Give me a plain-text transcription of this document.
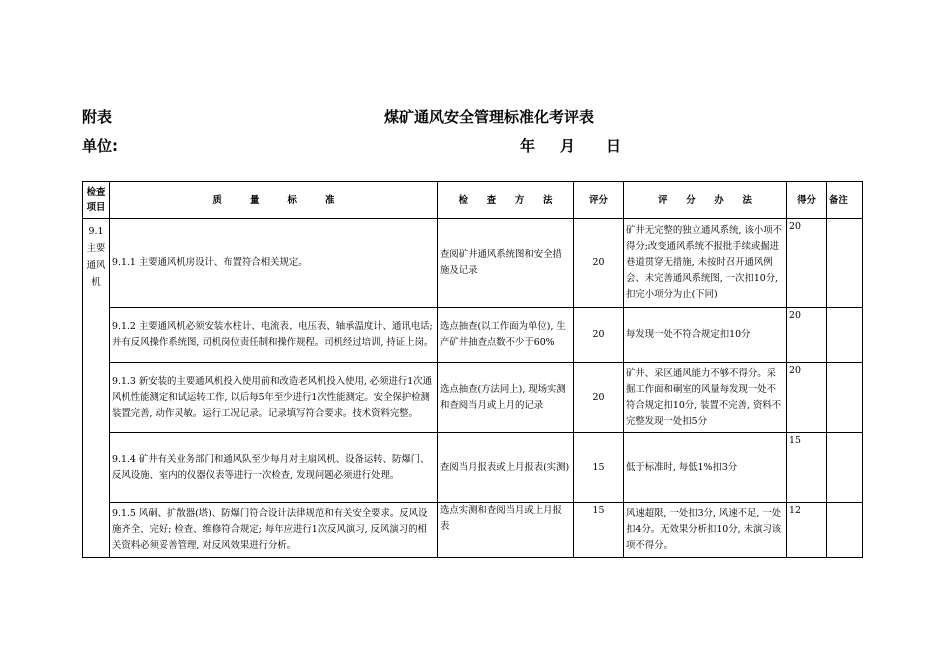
附表	煤矿通风安全管理标准化考评表
单位:	年 月 日
检查项目	质　　　量　　　标　　　准	检　　查　　方　　法	评分	评　　分　　办　　法	得分	备注
9.1主要通风机	9.1.1 主要通风机房设计、布置符合相关规定。	查阅矿井通风系统图和安全措施及记录	20	矿井无完整的独立通风系统, 该小项不得分;改变通风系统不报批手续或掘进巷道贯穿无措施, 未按时召开通风例会、未完善通风系统图, 一次扣10分, 扣完小项分为止(下同)	20	
	9.1.2 主要通风机必须安装水柱计、电流表、电压表、轴承温度计、通讯电话; 并有反风操作系统图, 司机岗位责任制和操作规程。司机经过培训, 持证上岗。	选点抽查(以工作面为单位), 生产矿井抽查点数不少于60%	20	每发现一处不符合规定扣10分	20	
	9.1.3 新安装的主要通风机投入使用前和改造老风机投入使用, 必须进行1次通风机性能测定和试运转工作, 以后每5年至少进行1次性能测定。安全保护检测装置完善, 动作灵敏。运行工况记录。记录填写符合要求。技术资料完整。	选点抽查(方法同上), 现场实测和查阅当月或上月的记录	20	矿井、采区通风能力不够不得分。采掘工作面和硐室的风量每发现一处不符合规定扣10分, 装置不完善, 资料不完整发现一处扣5分	20	
	9.1.4 矿井有关业务部门和通风队至少每月对主扇风机、设备运转、防爆门、反风设施、室内的仪器仪表等进行一次检查, 发现问题必须进行处理。	查阅当月报表或上月报表(实测)	15	低于标准时, 每低1%扣3分	15	
	9.1.5 风硐、扩散器(塔)、防爆门符合设计法律规范和有关安全要求。反风设施齐全、完好; 检查、维修符合规定; 每年应进行1次反风演习, 反风演习的相关资料必须妥善管理, 对反风效果进行分析。	选点实测和查阅当月或上月报表	15	风速超限, 一处扣3分, 风速不足, 一处扣4分。无效果分析扣10分, 未演习该项不得分。	12	
